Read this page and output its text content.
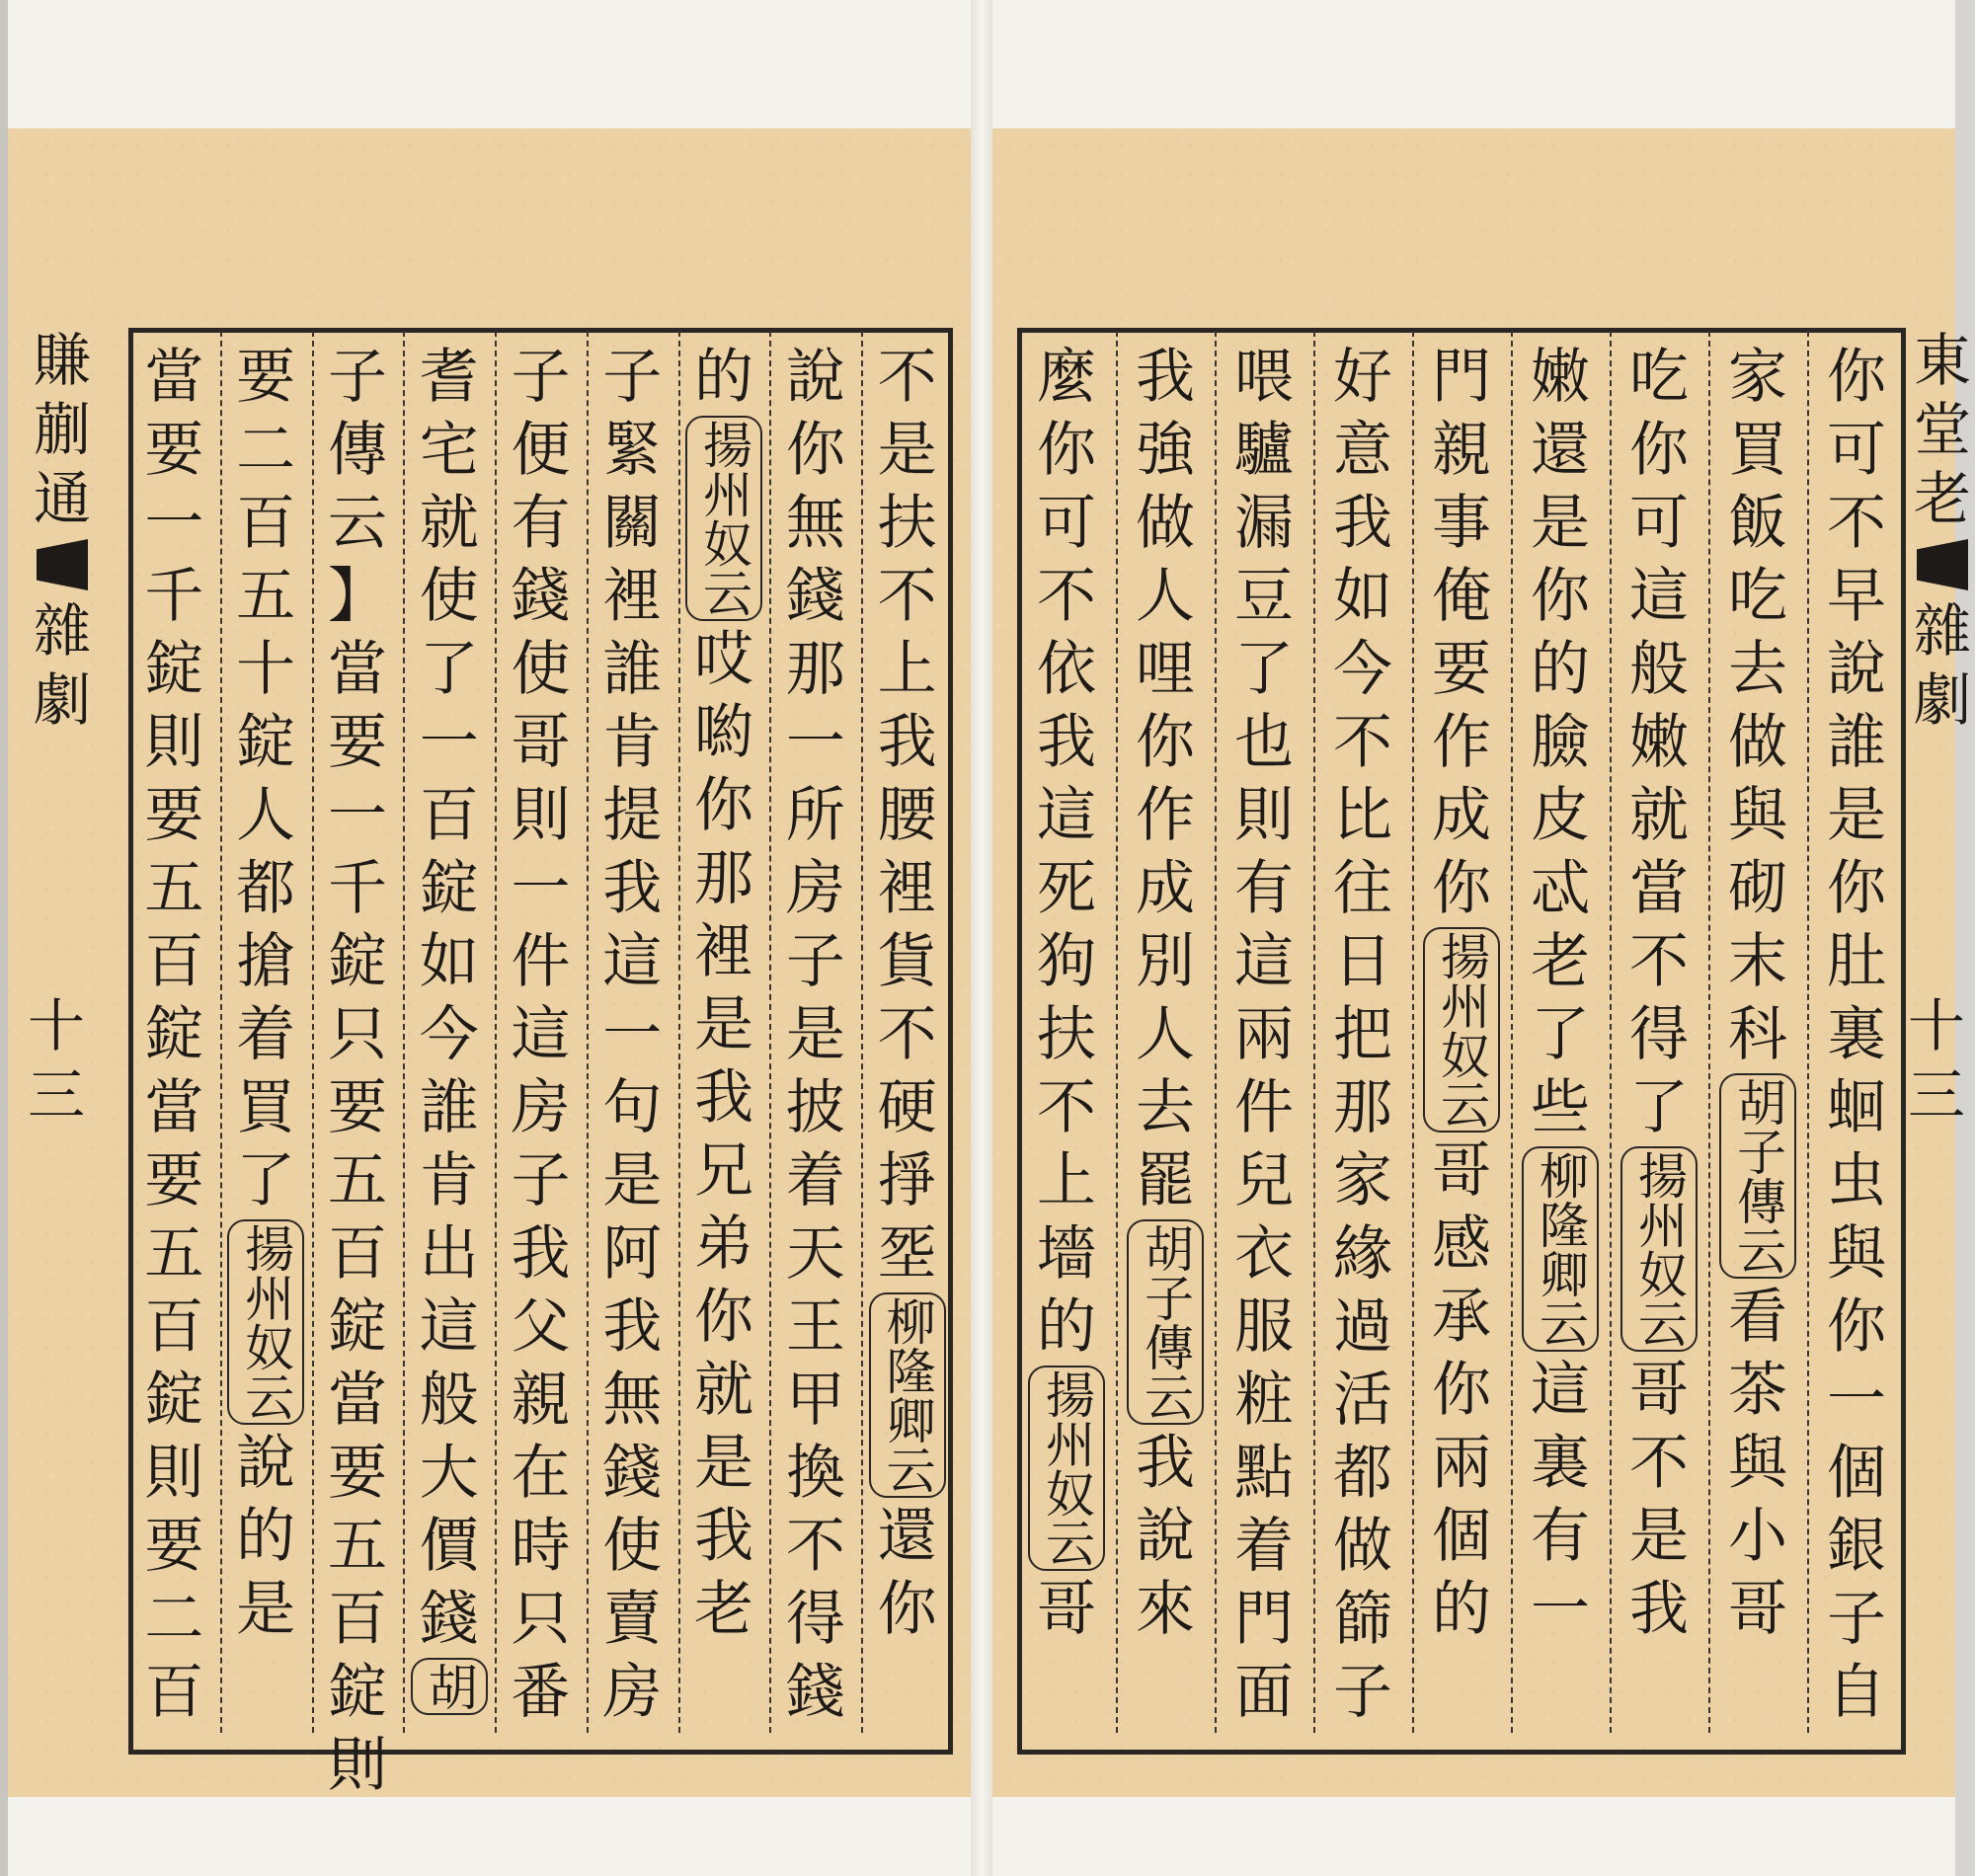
賺
蒯
通
雜
劇
十三
不
是
扶
不
上
我
腰
裡
貨
不
硬
掙
㘸
柳隆卿云
還
你
說
你
無
錢
那
一
所
房
子
是
披
着
天
王
甲
換
不
得
錢
的
揚州奴云
哎
喲
你
那
裡
是
我
兄
弟
你
就
是
我
老
子
緊
關
裡
誰
肯
提
我
這
一
句
是
阿
我
無
錢
使
賣
房
子
便
有
錢
使
哥
則
一
件
這
房
子
我
父
親
在
時
只
番
耆
宅
就
使
了
一
百
錠
如
今
誰
肯
出
這
般
大
價
錢
胡
子
傳
云
】
當
要
一
千
錠
只
要
五
百
錠
當
要
五
百
錠
則
要
二
百
五
十
錠
人
都
搶
着
買
了
揚州奴云
說
的
是
當
要
一
千
錠
則
要
五
百
錠
當
要
五
百
錠
則
要
二
百
東
堂
老
雜
劇
十三
你
可
不
早
說
誰
是
你
肚
裏
蛔
虫
與
你
一
個
銀
子
自
家
買
飯
吃
去
做
與
砌
末
科
胡子傳云
看
茶
與
小
哥
吃
你
可
這
般
嫩
就
當
不
得
了
揚州奴云
哥
不
是
我
嫩
還
是
你
的
臉
皮
忒
老
了
些
柳隆卿云
這
裏
有
一
門
親
事
俺
要
作
成
你
揚州奴云
哥
感
承
你
兩
個
的
好
意
我
如
今
不
比
往
日
把
那
家
緣
過
活
都
做
篩
子
喂
驢
漏
豆
了
也
則
有
這
兩
件
兒
衣
服
粧
點
着
門
面
我
強
做
人
哩
你
作
成
別
人
去
罷
胡子傳云
我
說
來
麼
你
可
不
依
我
這
死
狗
扶
不
上
墻
的
揚州奴云
哥
